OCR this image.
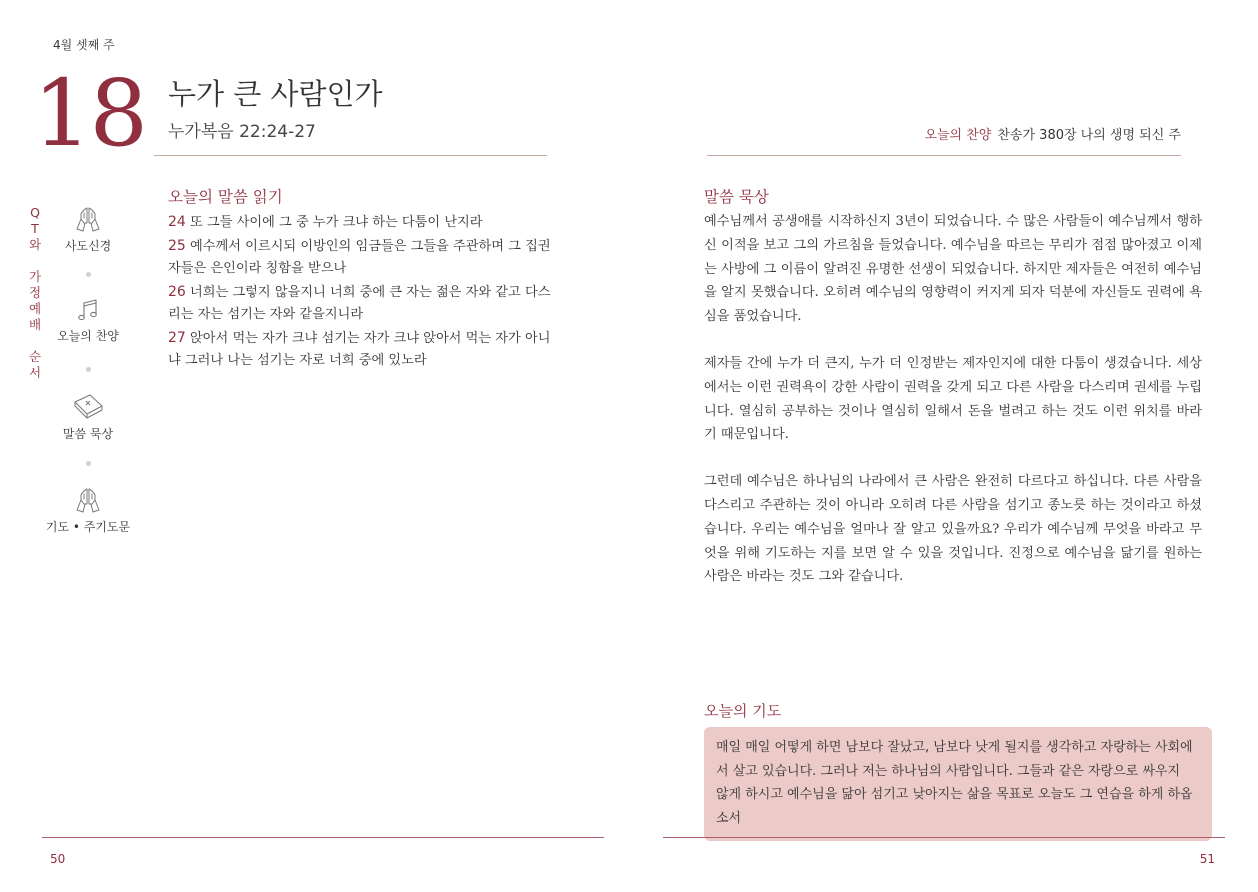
4월 셋째 주
18 누가 큰 사람인가
누가복음 22:24-27
Q
T
와
가
정
예
배
순
서
사도신경
오늘의 찬양
말씀 묵상
기도 • 주기도문
오늘의 말씀 읽기
24 또 그들 사이에 그 중 누가 크냐 하는 다툼이 난지라
25 예수께서 이르시되 이방인의 임금들은 그들을 주관하며 그 집권자들은 은인이라 칭함을 받으나
26 너희는 그렇지 않을지니 너희 중에 큰 자는 젊은 자와 같고 다스리는 자는 섬기는 자와 같을지니라
27 앉아서 먹는 자가 크냐 섬기는 자가 크냐 앉아서 먹는 자가 아니냐 그러나 나는 섬기는 자로 너희 중에 있노라
오늘의 찬양 찬송가 380장 나의 생명 되신 주
말씀 묵상

예수님께서 공생애를 시작하신지 3년이 되었습니다. 수 많은 사람들이 예수님께서 행하신 이적을 보고 그의 가르침을 들었습니다. 예수님을 따르는 무리가 점점 많아졌고 이제는 사방에 그 이름이 알려진 유명한 선생이 되었습니다. 하지만 제자들은 여전히 예수님을 알지 못했습니다. 오히려 예수님의 영향력이 커지게 되자 덕분에 자신들도 권력에 욕심을 품었습니다.

제자들 간에 누가 더 큰지, 누가 더 인정받는 제자인지에 대한 다툼이 생겼습니다. 세상에서는 이런 권력욕이 강한 사람이 권력을 갖게 되고 다른 사람을 다스리며 권세를 누립니다. 열심히 공부하는 것이나 열심히 일해서 돈을 벌려고 하는 것도 이런 위치를 바라기 때문입니다.

그런데 예수님은 하나님의 나라에서 큰 사람은 완전히 다르다고 하십니다. 다른 사람을 다스리고 주관하는 것이 아니라 오히려 다른 사람을 섬기고 종노릇 하는 것이라고 하셨습니다. 우리는 예수님을 얼마나 잘 알고 있을까요? 우리가 예수님께 무엇을 바라고 무엇을 위해 기도하는 지를 보면 알 수 있을 것입니다. 진정으로 예수님을 닮기를 원하는 사람은 바라는 것도 그와 같습니다.

오늘의 기도
매일 매일 어떻게 하면 남보다 잘났고, 남보다 낫게 될지를 생각하고 자랑하는 사회에서 살고 있습니다. 그러나 저는 하나님의 사람입니다. 그들과 같은 자랑으로 싸우지 않게 하시고 예수님을 닮아 섬기고 낮아지는 삶을 목표로 오늘도 그 연습을 하게 하옵소서
50	51
